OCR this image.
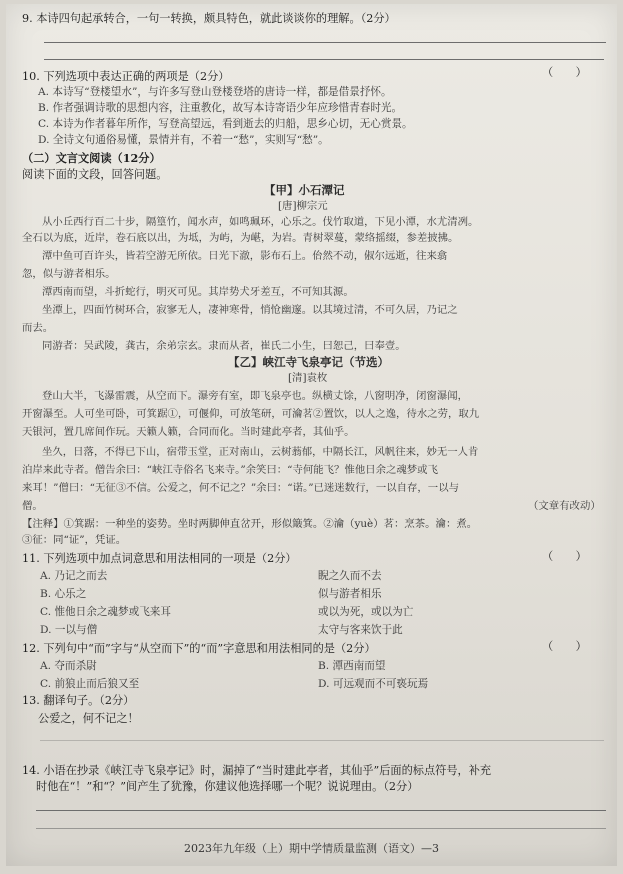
9. 本诗四句起承转合，一句一转换，颇具特色，就此谈谈你的理解。（2分）
10. 下列选项中表达正确的两项是（2分）	（　　）
A. 本诗写“登楼望水”，与许多写登山登楼登塔的唐诗一样，都是借景抒怀。
B. 作者强调诗歌的思想内容，注重教化，故写本诗寄语少年应珍惜青春时光。
C. 本诗为作者暮年所作，写登高望远，看到逝去的归船，思乡心切，无心赏景。
D. 全诗文句通俗易懂，景情并有，不着一“愁”，实则写“愁”。
（二）文言文阅读（12分）
阅读下面的文段，回答问题。
【甲】小石潭记
[唐]柳宗元
从小丘西行百二十步，隔篁竹，闻水声，如鸣珮环，心乐之。伐竹取道，下见小潭，水尤清冽。
全石以为底，近岸，卷石底以出，为坻，为屿，为嵁，为岩。青树翠蔓，蒙络摇缀，参差披拂。
潭中鱼可百许头，皆若空游无所依。日光下澈，影布石上。佁然不动，俶尔远逝，往来翕
忽，似与游者相乐。
潭西南而望，斗折蛇行，明灭可见。其岸势犬牙差互，不可知其源。
坐潭上，四面竹树环合，寂寥无人，凄神寒骨，悄怆幽邃。以其境过清，不可久居，乃记之
而去。
同游者：吴武陵，龚古，余弟宗玄。隶而从者，崔氏二小生，曰恕己，曰奉壹。
【乙】峡江寺飞泉亭记（节选）
[清]袁枚
登山大半，飞瀑雷震，从空而下。瀑旁有室，即飞泉亭也。纵横丈馀，八窗明净，闭窗瀑闻，
开窗瀑至。人可坐可卧，可箕踞①，可偃仰，可放笔研，可瀹茗②置饮，以人之逸，待水之劳，取九
天银河，置几席间作玩。天籁人籁，合同而化。当时建此亭者，其仙乎。
坐久，日落，不得已下山，宿带玉堂，正对南山，云树蓊郁，中隔长江，风帆往来，妙无一人肯
泊岸来此寺者。僧告余曰：“峡江寺俗名飞来寺。”余笑曰：“寺何能飞？惟他日余之魂梦或飞
来耳！”僧曰：“无征③不信。公爱之，何不记之？”余曰：“诺。”已迷迷数行，一以自存，一以与
僧。	（文章有改动）
【注释】①箕踞：一种坐的姿势。坐时两脚伸直岔开，形似簸箕。②瀹（yuè）茗：烹茶。瀹：煮。
③征：同“证”，凭证。
11. 下列选项中加点词意思和用法相同的一项是（2分）	（　　）
A. 乃记之而去	睨之久而不去
B. 心乐之	似与游者相乐
C. 惟他日余之魂梦或飞来耳	或以为死，或以为亡
D. 一以与僧	太守与客来饮于此
12. 下列句中“而”字与“从空而下”的“而”字意思和用法相同的是（2分）	（　　）
A. 夺而杀尉	B. 潭西南而望
C. 前狼止而后狼又至	D. 可远观而不可亵玩焉
13. 翻译句子。（2分）
公爱之，何不记之！
14. 小语在抄录《峡江寺飞泉亭记》时，漏掉了“当时建此亭者，其仙乎”后面的标点符号，补充
时他在“！”和“？”间产生了犹豫，你建议他选择哪一个呢？说说理由。（2分）
2023年九年级（上）期中学情质量监测（语文）—3
